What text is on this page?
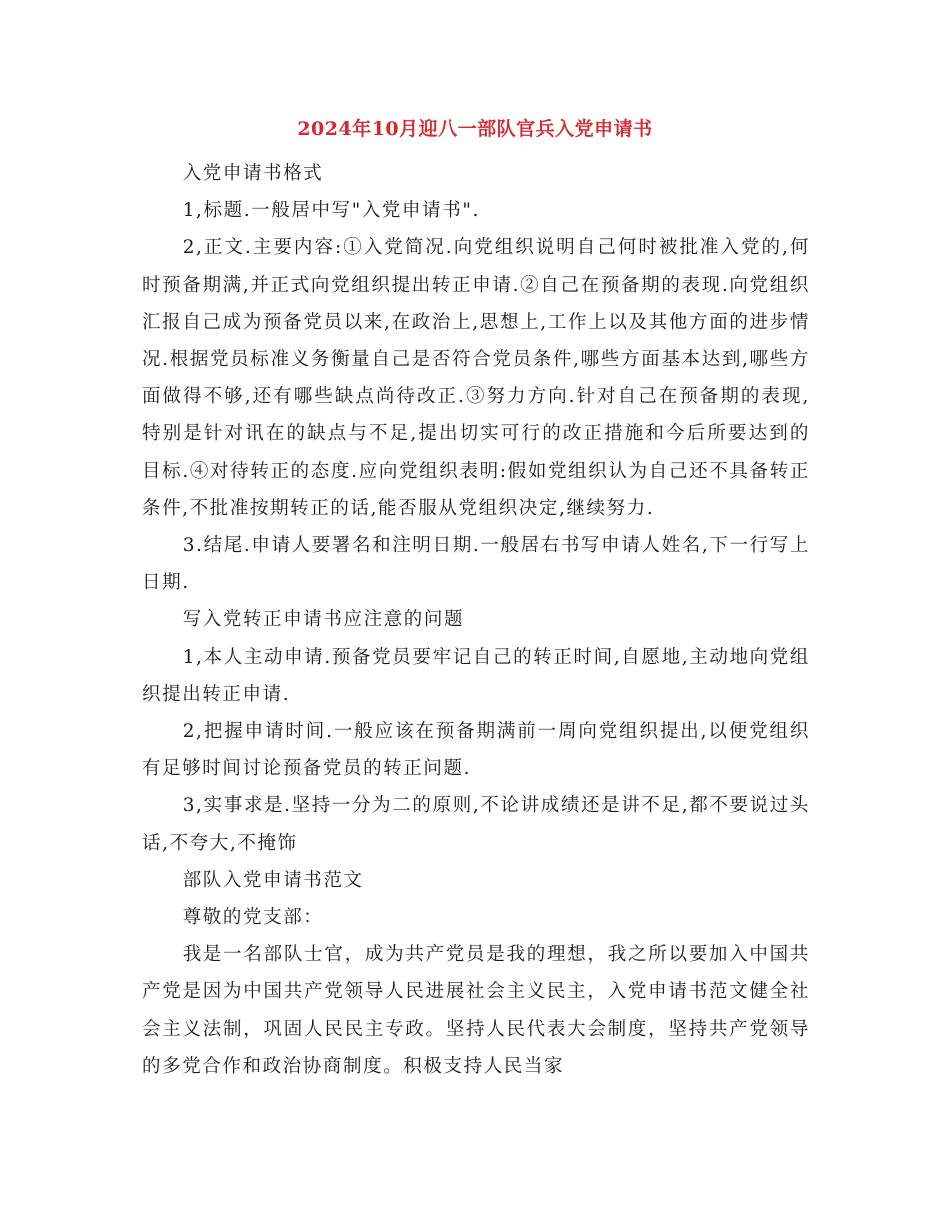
2024年10月迎八一部队官兵入党申请书

入党申请书格式

1,标题.一般居中写"入党申请书".

2,正文.主要内容:①入党简况.向党组织说明自己何时被批准入党的,何时预备期满,并正式向党组织提出转正申请.②自己在预备期的表现.向党组织汇报自己成为预备党员以来,在政治上,思想上,工作上以及其他方面的进步情况.根据党员标准义务衡量自己是否符合党员条件,哪些方面基本达到,哪些方面做得不够,还有哪些缺点尚待改正.③努力方向.针对自己在预备期的表现,特别是针对讯在的缺点与不足,提出切实可行的改正措施和今后所要达到的目标.④对待转正的态度.应向党组织表明:假如党组织认为自己还不具备转正条件,不批准按期转正的话,能否服从党组织决定,继续努力.

3.结尾.申请人要署名和注明日期.一般居右书写申请人姓名,下一行写上日期.

写入党转正申请书应注意的问题

1,本人主动申请.预备党员要牢记自己的转正时间,自愿地,主动地向党组织提出转正申请.

2,把握申请时间.一般应该在预备期满前一周向党组织提出,以便党组织有足够时间讨论预备党员的转正问题.

3,实事求是.坚持一分为二的原则,不论讲成绩还是讲不足,都不要说过头话,不夸大,不掩饰

部队入党申请书范文

尊敬的党支部：

我是一名部队士官，成为共产党员是我的理想，我之所以要加入中国共产党是因为中国共产党领导人民进展社会主义民主，入党申请书范文健全社会主义法制，巩固人民民主专政。坚持人民代表大会制度，坚持共产党领导的多党合作和政治协商制度。积极支持人民当家
